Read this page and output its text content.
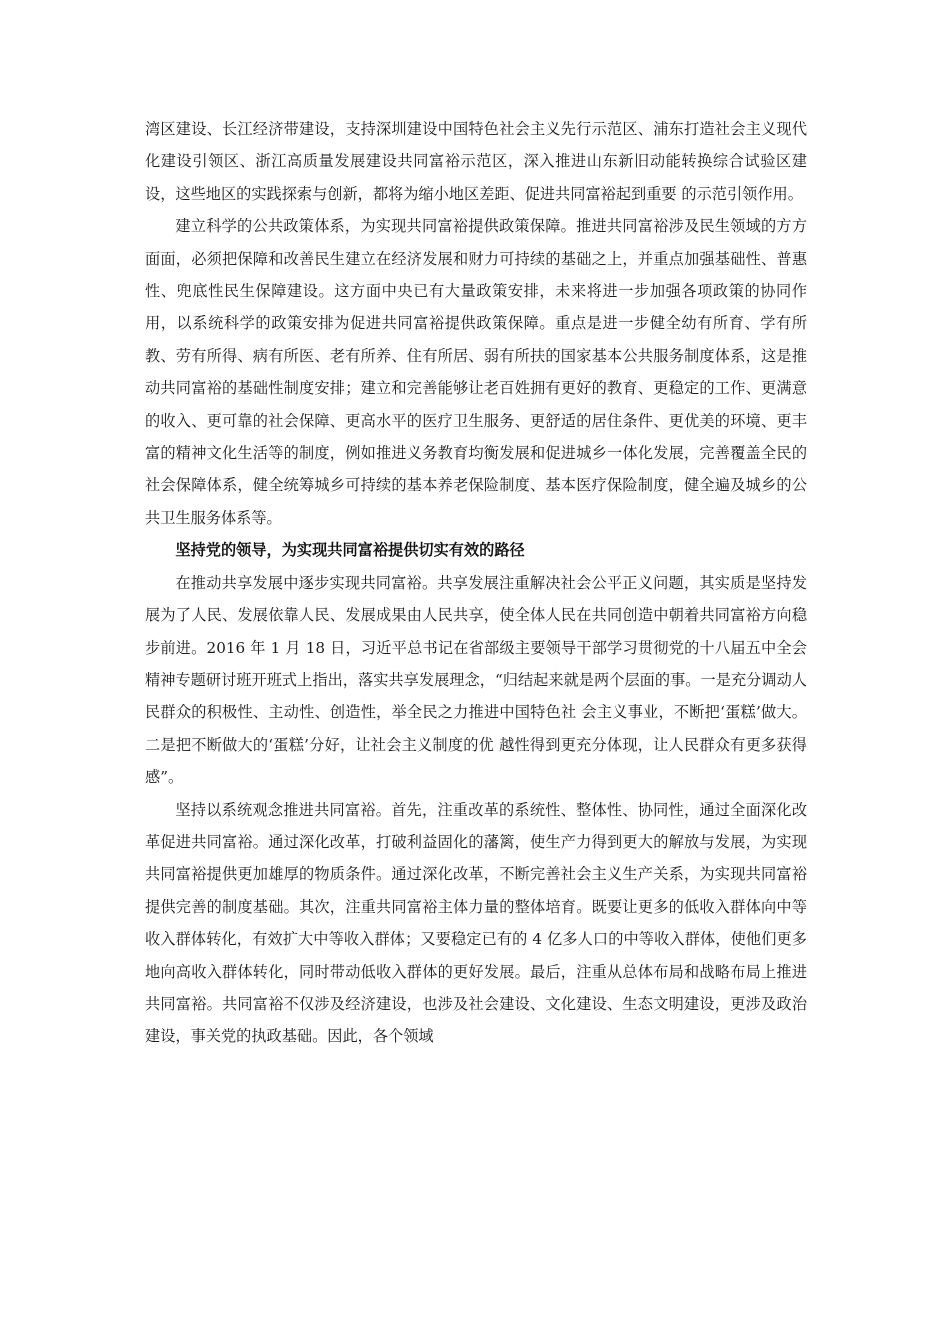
湾区建设、长江经济带建设，支持深圳建设中国特色社会主义先行示范区、浦东打造社会主义现代化建设引领区、浙江高质量发展建设共同富裕示范区，深入推进山东新旧动能转换综合试验区建设，这些地区的实践探索与创新，都将为缩小地区差距、促进共同富裕起到重要 的示范引领作用。

建立科学的公共政策体系，为实现共同富裕提供政策保障。推进共同富裕涉及民生领域的方方面面，必须把保障和改善民生建立在经济发展和财力可持续的基础之上，并重点加强基础性、普惠性、兜底性民生保障建设。这方面中央已有大量政策安排，未来将进一步加强各项政策的协同作用，以系统科学的政策安排为促进共同富裕提供政策保障。重点是进一步健全幼有所育、学有所教、劳有所得、病有所医、老有所养、住有所居、弱有所扶的国家基本公共服务制度体系，这是推动共同富裕的基础性制度安排；建立和完善能够让老百姓拥有更好的教育、更稳定的工作、更满意的收入、更可靠的社会保障、更高水平的医疗卫生服务、更舒适的居住条件、更优美的环境、更丰富的精神文化生活等的制度，例如推进义务教育均衡发展和促进城乡一体化发展，完善覆盖全民的社会保障体系，健全统筹城乡可持续的基本养老保险制度、基本医疗保险制度，健全遍及城乡的公共卫生服务体系等。

坚持党的领导，为实现共同富裕提供切实有效的路径

在推动共享发展中逐步实现共同富裕。共享发展注重解决社会公平正义问题，其实质是坚持发展为了人民、发展依靠人民、发展成果由人民共享，使全体人民在共同创造中朝着共同富裕方向稳步前进。2016 年 1 月 18 日，习近平总书记在省部级主要领导干部学习贯彻党的十八届五中全会精神专题研讨班开班式上指出，落实共享发展理念，“归结起来就是两个层面的事。一是充分调动人民群众的积极性、主动性、创造性，举全民之力推进中国特色社 会主义事业，不断把‘蛋糕’做大。二是把不断做大的‘蛋糕’分好，让社会主义制度的优 越性得到更充分体现，让人民群众有更多获得感”。

坚持以系统观念推进共同富裕。首先，注重改革的系统性、整体性、协同性，通过全面深化改革促进共同富裕。通过深化改革，打破利益固化的藩篱，使生产力得到更大的解放与发展，为实现共同富裕提供更加雄厚的物质条件。通过深化改革，不断完善社会主义生产关系，为实现共同富裕提供完善的制度基础。其次，注重共同富裕主体力量的整体培育。既要让更多的低收入群体向中等收入群体转化，有效扩大中等收入群体；又要稳定已有的 4 亿多人口的中等收入群体，使他们更多地向高收入群体转化，同时带动低收入群体的更好发展。最后，注重从总体布局和战略布局上推进共同富裕。共同富裕不仅涉及经济建设，也涉及社会建设、文化建设、生态文明建设，更涉及政治建设，事关党的执政基础。因此，各个领域
